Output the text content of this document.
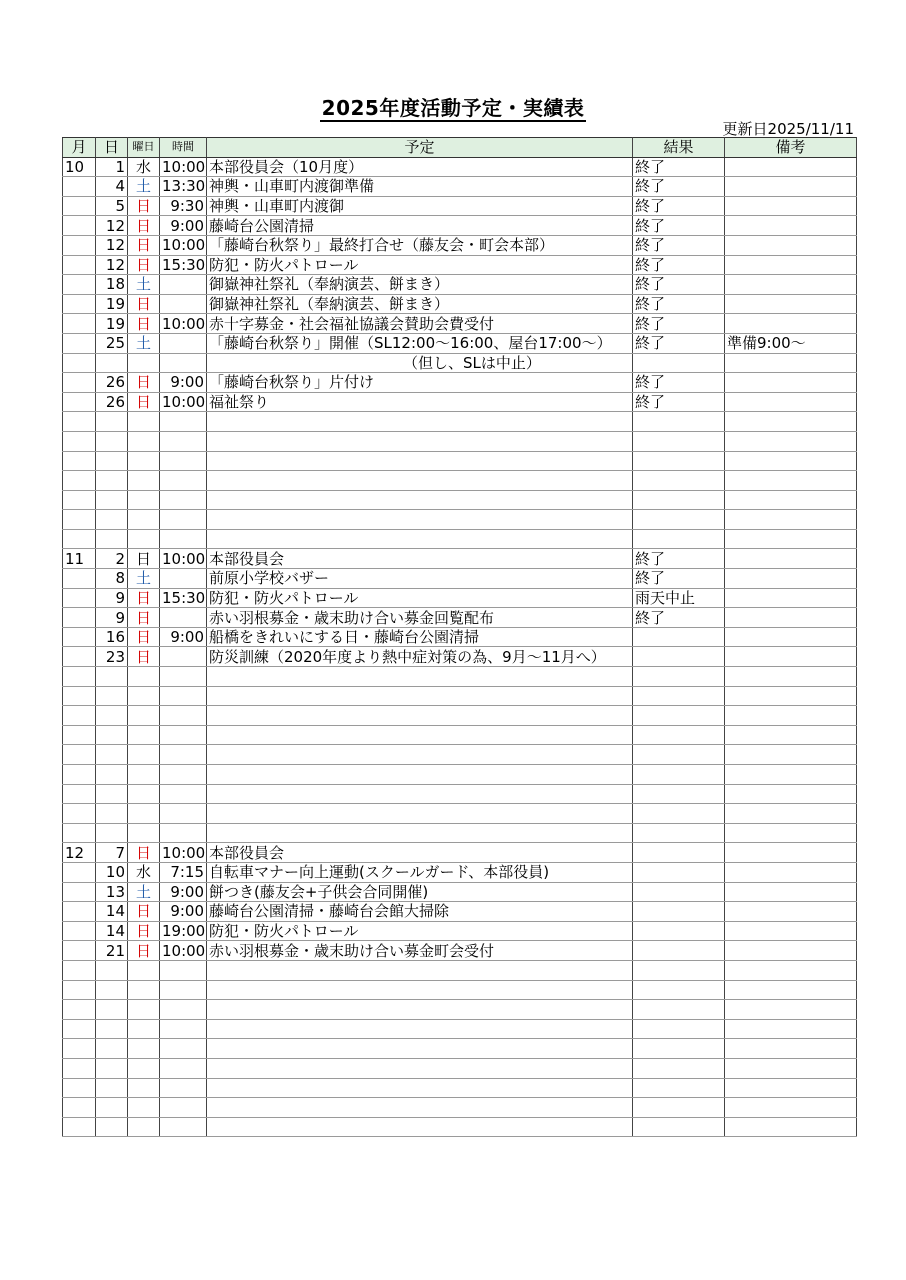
2025年度活動予定・実績表
更新日2025/11/11
月	日	曜日	時間	予定	結果	備考
10	1	水	10:00	本部役員会（10月度）	終了	
	4	土	13:30	神輿・山車町内渡御準備	終了	
	5	日	9:30	神輿・山車町内渡御	終了	
	12	日	9:00	藤崎台公園清掃	終了	
	12	日	10:00	「藤崎台秋祭り」最終打合せ（藤友会・町会本部）	終了	
	12	日	15:30	防犯・防火パトロール	終了	
	18	土		御嶽神社祭礼（奉納演芸、餅まき）	終了	
	19	日		御嶽神社祭礼（奉納演芸、餅まき）	終了	
	19	日	10:00	赤十字募金・社会福祉協議会賛助会費受付	終了	
	25	土		「藤崎台秋祭り」開催（SL12:00～16:00、屋台17:00～）	終了	準備9:00～
				（但し、SLは中止）		
	26	日	9:00	「藤崎台秋祭り」片付け	終了	
	26	日	10:00	福祉祭り	終了	

11	2	日	10:00	本部役員会	終了	
	8	土		前原小学校バザー	終了	
	9	日	15:30	防犯・防火パトロール	雨天中止	
	9	日		赤い羽根募金・歳末助け合い募金回覧配布	終了	
	16	日	9:00	船橋をきれいにする日・藤崎台公園清掃		
	23	日		防災訓練（2020年度より熱中症対策の為、9月～11月へ）		

12	7	日	10:00	本部役員会		
	10	水	7:15	自転車マナー向上運動(スクールガード、本部役員)		
	13	土	9:00	餅つき(藤友会+子供会合同開催)		
	14	日	9:00	藤崎台公園清掃・藤崎台会館大掃除		
	14	日	19:00	防犯・防火パトロール		
	21	日	10:00	赤い羽根募金・歳末助け合い募金町会受付		
